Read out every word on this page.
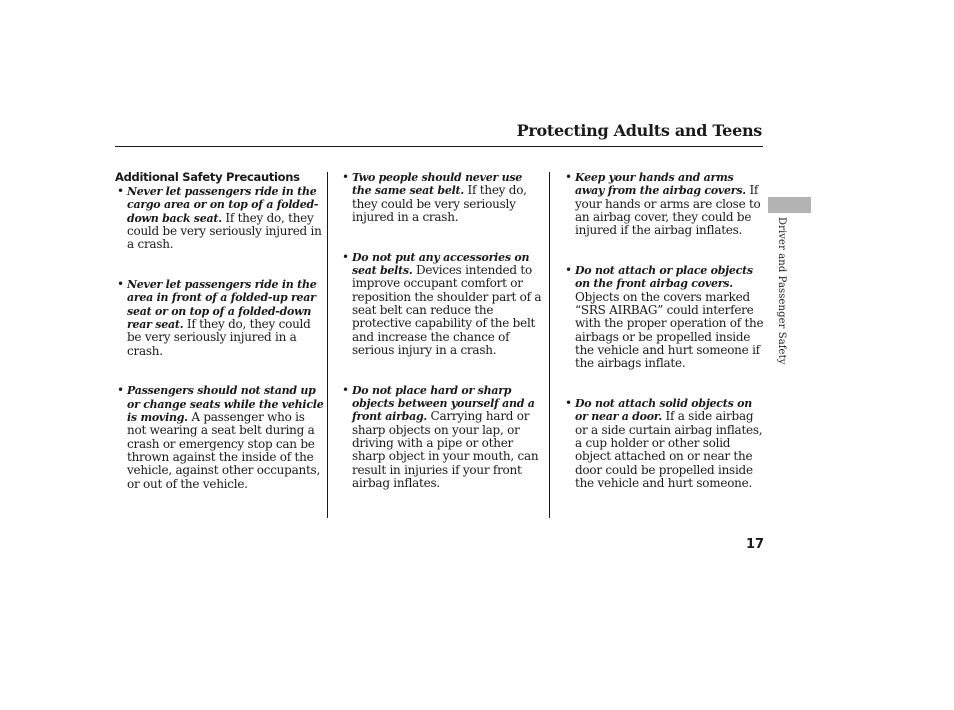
Protecting Adults and Teens
Additional Safety Precautions

• Never let passengers ride in the cargo area or on top of a folded-down back seat. If they do, they could be very seriously injured in a crash.

• Never let passengers ride in the area in front of a folded-up rear seat or on top of a folded-down rear seat. If they do, they could be very seriously injured in a crash.

• Passengers should not stand up or change seats while the vehicle is moving. A passenger who is not wearing a seat belt during a crash or emergency stop can be thrown against the inside of the vehicle, against other occupants, or out of the vehicle.

• Two people should never use the same seat belt. If they do, they could be very seriously injured in a crash.

• Do not put any accessories on seat belts. Devices intended to improve occupant comfort or reposition the shoulder part of a seat belt can reduce the protective capability of the belt and increase the chance of serious injury in a crash.

• Do not place hard or sharp objects between yourself and a front airbag. Carrying hard or sharp objects on your lap, or driving with a pipe or other sharp object in your mouth, can result in injuries if your front airbag inflates.

• Keep your hands and arms away from the airbag covers. If your hands or arms are close to an airbag cover, they could be injured if the airbag inflates.

• Do not attach or place objects on the front airbag covers. Objects on the covers marked “SRS AIRBAG” could interfere with the proper operation of the airbags or be propelled inside the vehicle and hurt someone if the airbags inflate.

• Do not attach solid objects on or near a door. If a side airbag or a side curtain airbag inflates, a cup holder or other solid object attached on or near the door could be propelled inside the vehicle and hurt someone.

Driver and Passenger Safety
17
